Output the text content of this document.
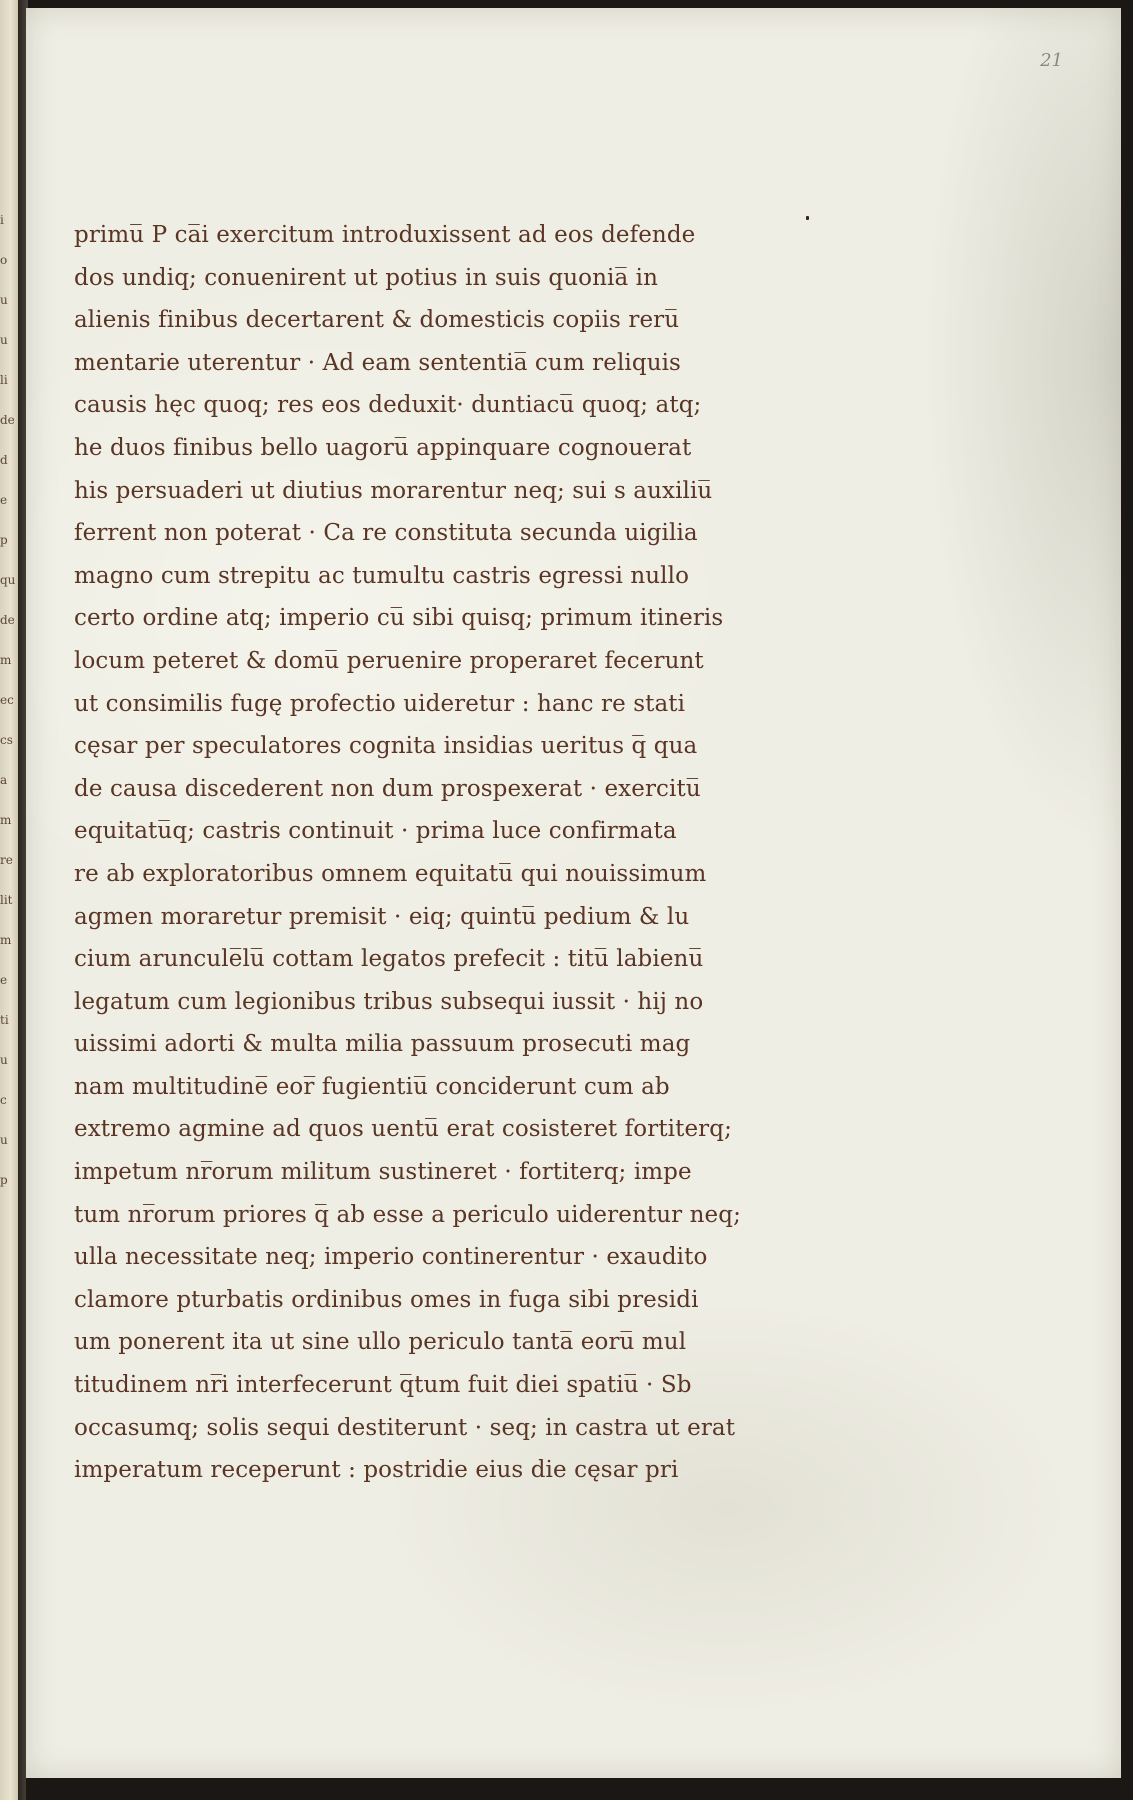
i
o
u
u
li
de
d
e
p
qu
de
m
ec
cs
a
m
re
lit
m
e
ti
u
c
u
p
21
primu̅ P ca̅i exercitum introduxissent ad eos defende
dos undiq; conuenirent ut potius in suis quonia̅ in
alienis finibus decertarent & domesticis copiis reru̅
mentarie uterentur · Ad eam sententia̅ cum reliquis
causis hęc quoq; res eos deduxit· duntiacu̅ quoq; atq;
he duos finibus bello uagoru̅ appinquare cognouerat
his persuaderi ut diutius morarentur neq; sui s auxiliu̅
ferrent non poterat · Ca re constituta secunda uigilia
magno cum strepitu ac tumultu castris egressi nullo
certo ordine atq; imperio cu̅ sibi quisq; primum itineris
locum peteret & domu̅ peruenire properaret fecerunt
ut consimilis fugę profectio uideretur : hanc re stati
cęsar per speculatores cognita insidias ueritus q̅ qua
de causa discederent non dum prospexerat · exercitu̅
equitatu̅q; castris continuit · prima luce confirmata
re ab exploratoribus omnem equitatu̅ qui nouissimum
agmen moraretur premisit · eiq; quintu̅ pedium & lu
cium aruncule̅lu̅ cottam legatos prefecit : titu̅ labienu̅
legatum cum legionibus tribus subsequi iussit · hij no
uissimi adorti & multa milia passuum prosecuti mag
nam multitudine̅ eor̅ fugientiu̅ conciderunt cum ab
extremo agmine ad quos uentu̅ erat cosisteret fortiterq;
impetum nr̅orum militum sustineret · fortiterq; impe
tum nr̅orum priores q̅ ab esse a periculo uiderentur neq;
ulla necessitate neq; imperio continerentur · exaudito
clamore pturbatis ordinibus omes in fuga sibi presidi
um ponerent ita ut sine ullo periculo tanta̅ eoru̅ mul
titudinem nr̅i interfecerunt q̅tum fuit diei spatiu̅ · Sb
occasumq; solis sequi destiterunt · seq; in castra ut erat
imperatum receperunt : postridie eius die cęsar pri
